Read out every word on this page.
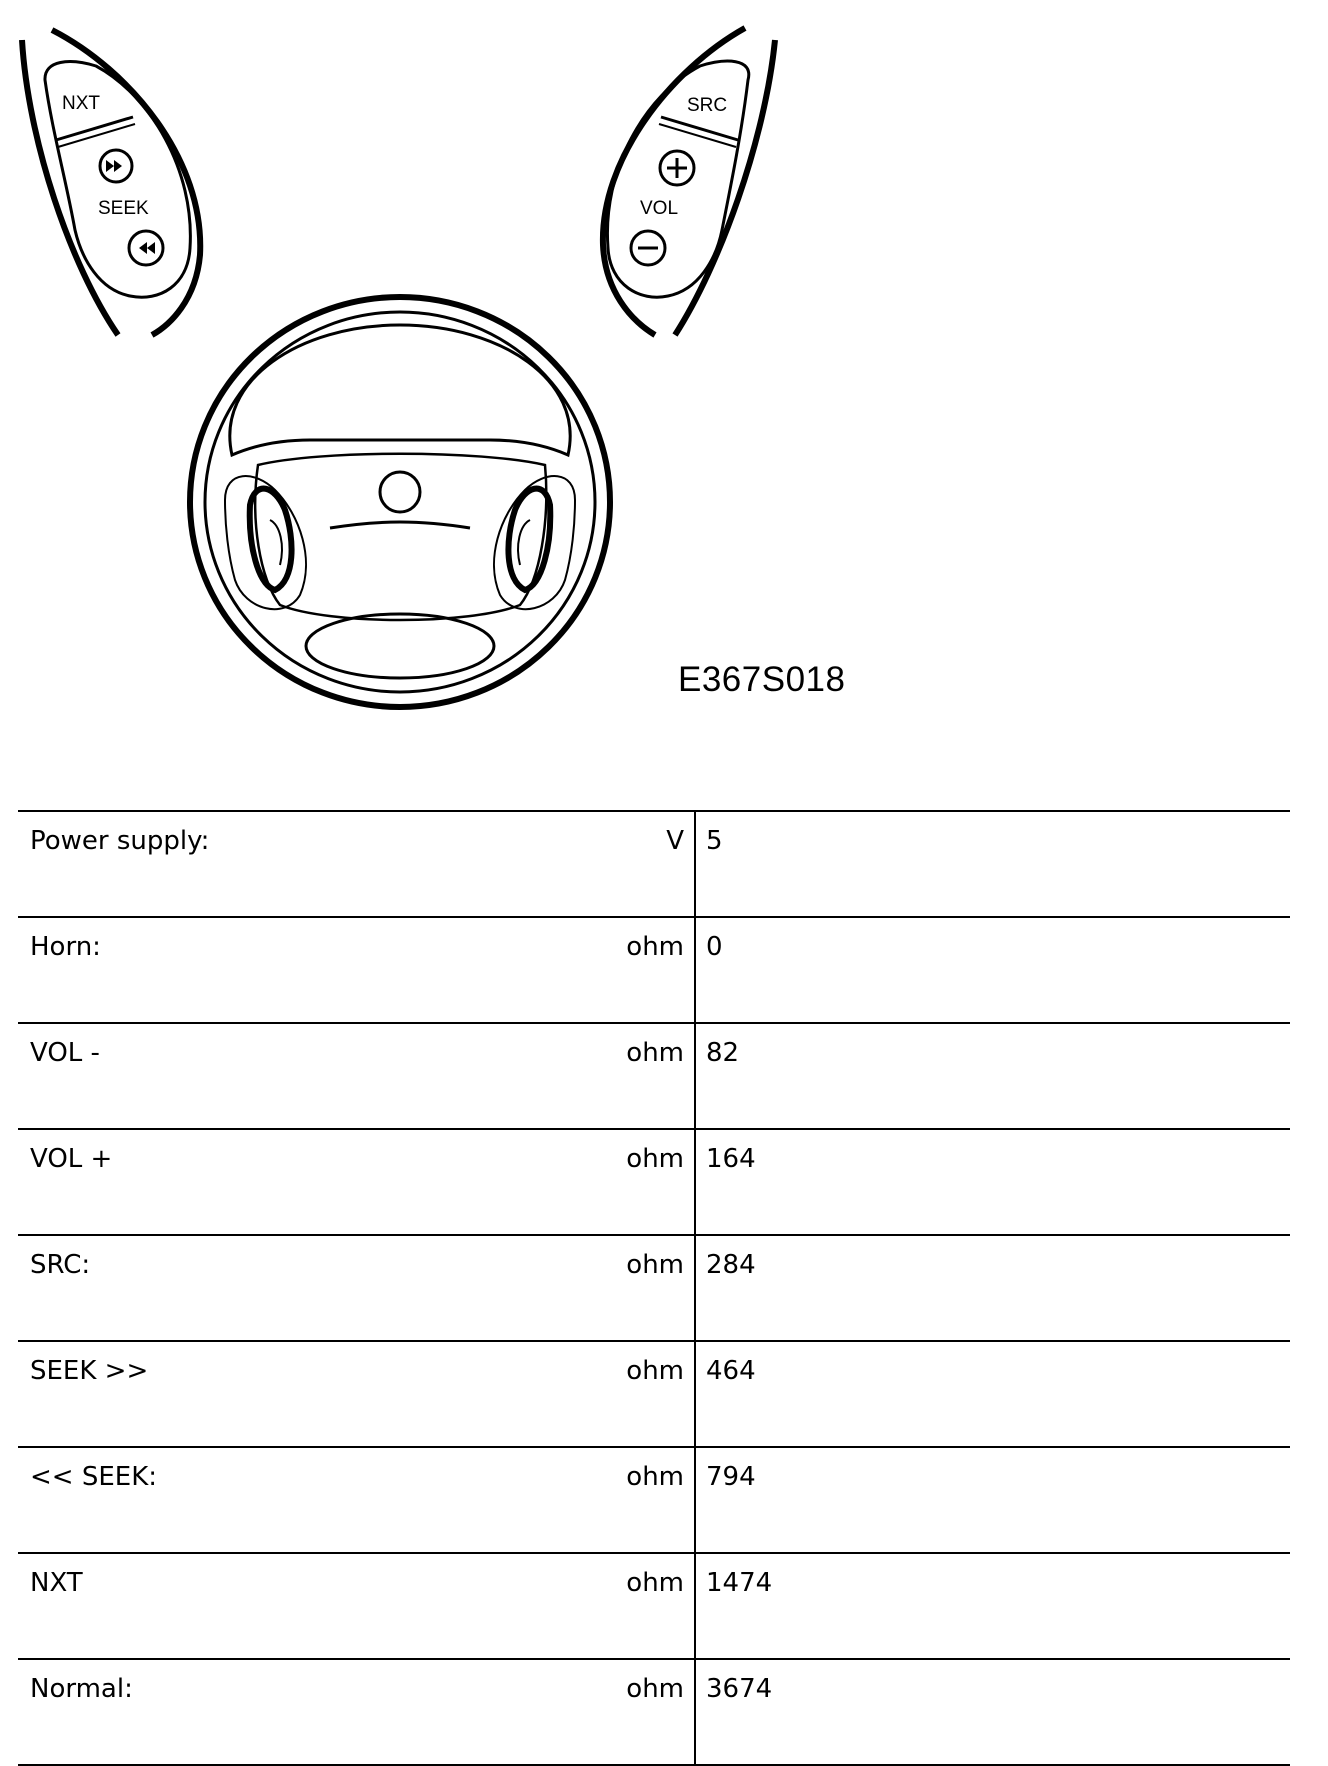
NXT
SEEK
SRC
VOL
E367S018
Power supply:	V	5
Horn:	ohm	0
VOL -	ohm	82
VOL +	ohm	164
SRC:	ohm	284
SEEK >>	ohm	464
<< SEEK:	ohm	794
NXT	ohm	1474
Normal:	ohm	3674
